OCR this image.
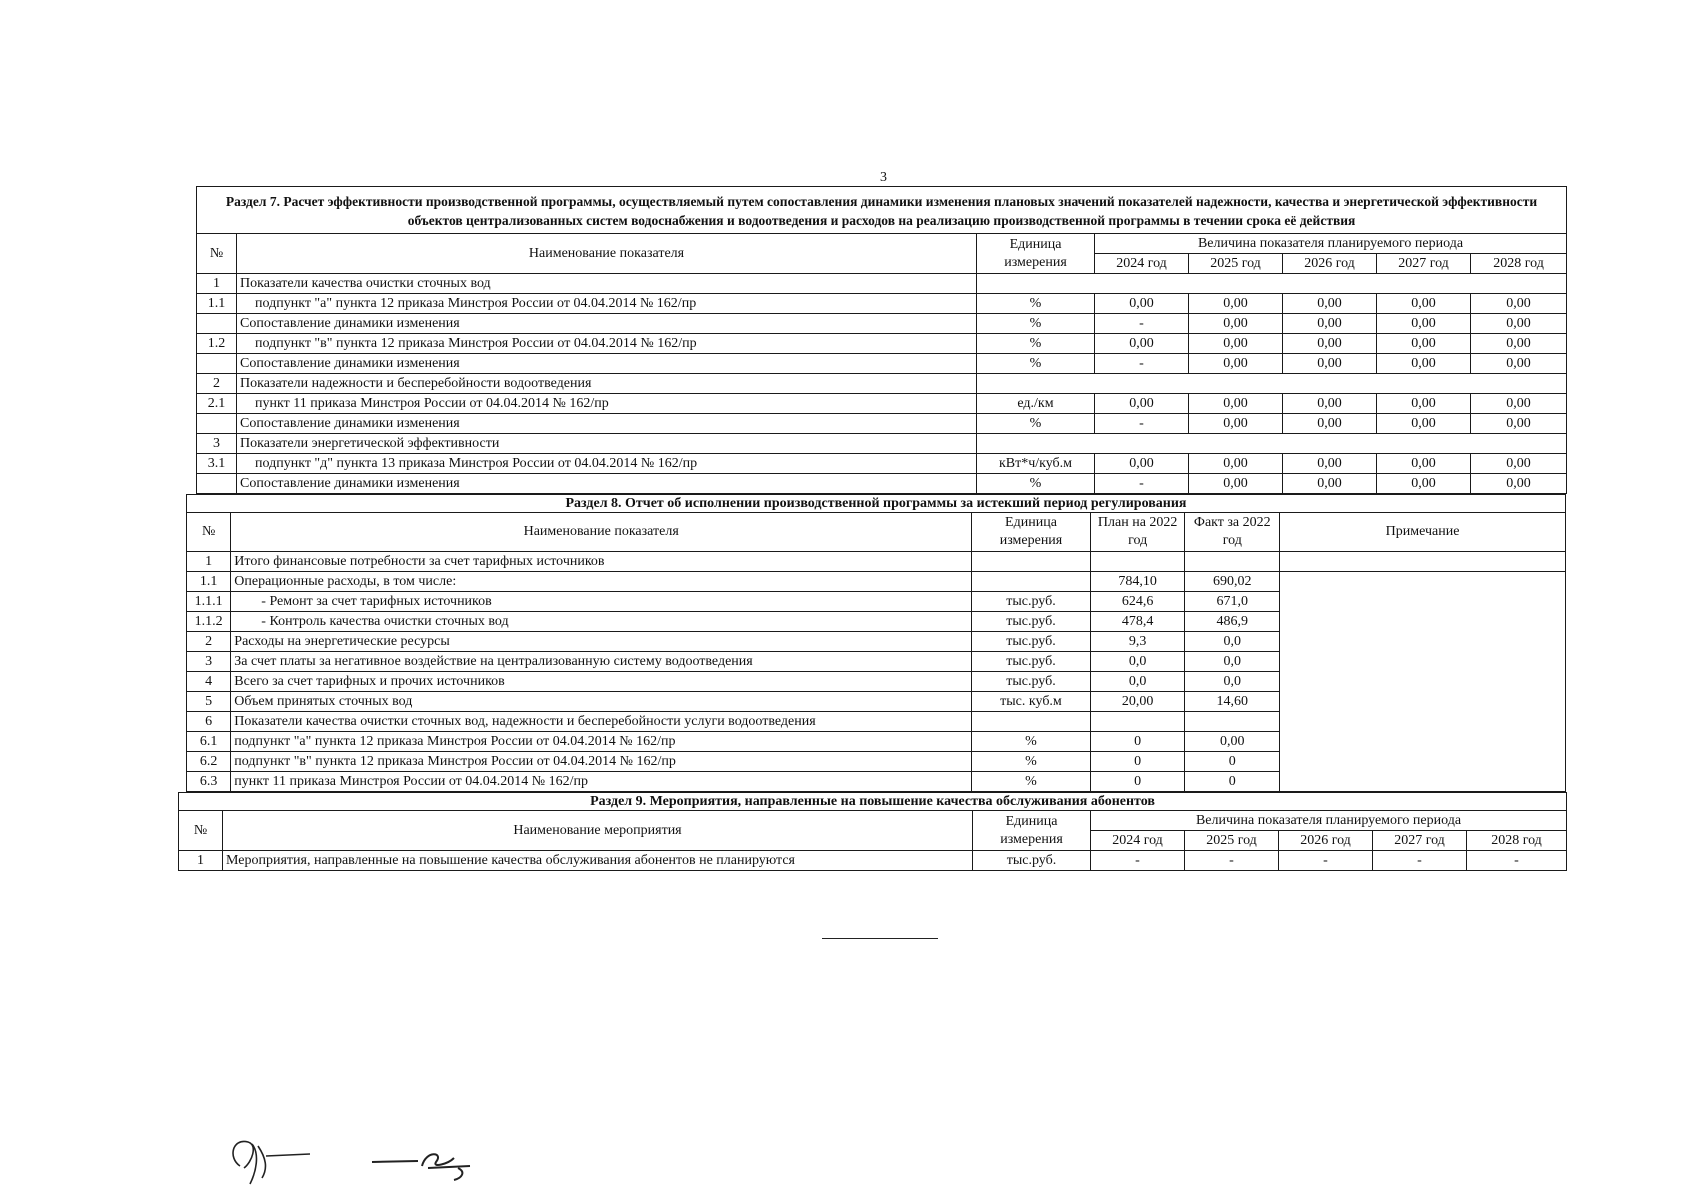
3
Раздел 7. Расчет эффективности производственной программы, осуществляемый путем сопоставления динамики изменения плановых значений показателей надежности, качества и энергетической эффективности объектов централизованных систем водоснабжения и водоотведения и расходов на реализацию производственной программы в течении срока её действия							
№	Наименование показателя	Единица измерения	Величина показателя планируемого периода				
			2024 год	2025 год	2026 год	2027 год	2028 год
1	Показатели качества очистки сточных вод						
1.1	подпункт "а" пункта 12 приказа Минстроя России от 04.04.2014 № 162/пр	%	0,00	0,00	0,00	0,00	0,00
	Сопоставление динамики изменения	%	-	0,00	0,00	0,00	0,00
1.2	подпункт "в" пункта 12 приказа Минстроя России от 04.04.2014 № 162/пр	%	0,00	0,00	0,00	0,00	0,00
	Сопоставление динамики изменения	%	-	0,00	0,00	0,00	0,00
2	Показатели надежности и бесперебойности водоотведения						
2.1	пункт 11 приказа Минстроя России от 04.04.2014 № 162/пр	ед./км	0,00	0,00	0,00	0,00	0,00
	Сопоставление динамики изменения	%	-	0,00	0,00	0,00	0,00
3	Показатели энергетической эффективности						
3.1	подпункт "д" пункта 13 приказа Минстроя России от 04.04.2014 № 162/пр	кВт*ч/куб.м	0,00	0,00	0,00	0,00	0,00
	Сопоставление динамики изменения	%	-	0,00	0,00	0,00	0,00
Раздел 8. Отчет об исполнении производственной программы за истекший период регулирования					
№	Наименование показателя	Единица измерения	План на 2022 год	Факт за 2022 год	Примечание
1	Итого финансовые потребности за счет тарифных источников				
1.1	Операционные расходы, в том числе:		784,10	690,02	
1.1.1	- Ремонт за счет тарифных источников	тыс.руб.	624,6	671,0	
1.1.2	- Контроль качества очистки сточных вод	тыс.руб.	478,4	486,9	
2	Расходы на энергетические ресурсы	тыс.руб.	9,3	0,0	
3	За счет платы за негативное воздействие на централизованную систему водоотведения	тыс.руб.	0,0	0,0	
4	Всего за счет тарифных и прочих источников	тыс.руб.	0,0	0,0	
5	Объем принятых сточных вод	тыс. куб.м	20,00	14,60	
6	Показатели качества очистки сточных вод, надежности и бесперебойности услуги водоотведения				
6.1	подпункт "а" пункта 12 приказа Минстроя России от 04.04.2014 № 162/пр	%	0	0,00	
6.2	подпункт "в" пункта 12 приказа Минстроя России от 04.04.2014 № 162/пр	%	0	0	
6.3	пункт 11 приказа Минстроя России от 04.04.2014 № 162/пр	%	0	0	
Раздел 9. Мероприятия, направленные на повышение качества обслуживания абонентов							
№	Наименование мероприятия	Единица измерения	Величина показателя планируемого периода				
			2024 год	2025 год	2026 год	2027 год	2028 год
1	Мероприятия, направленные на повышение качества обслуживания абонентов не планируются	тыс.руб.	-	-	-	-	-
